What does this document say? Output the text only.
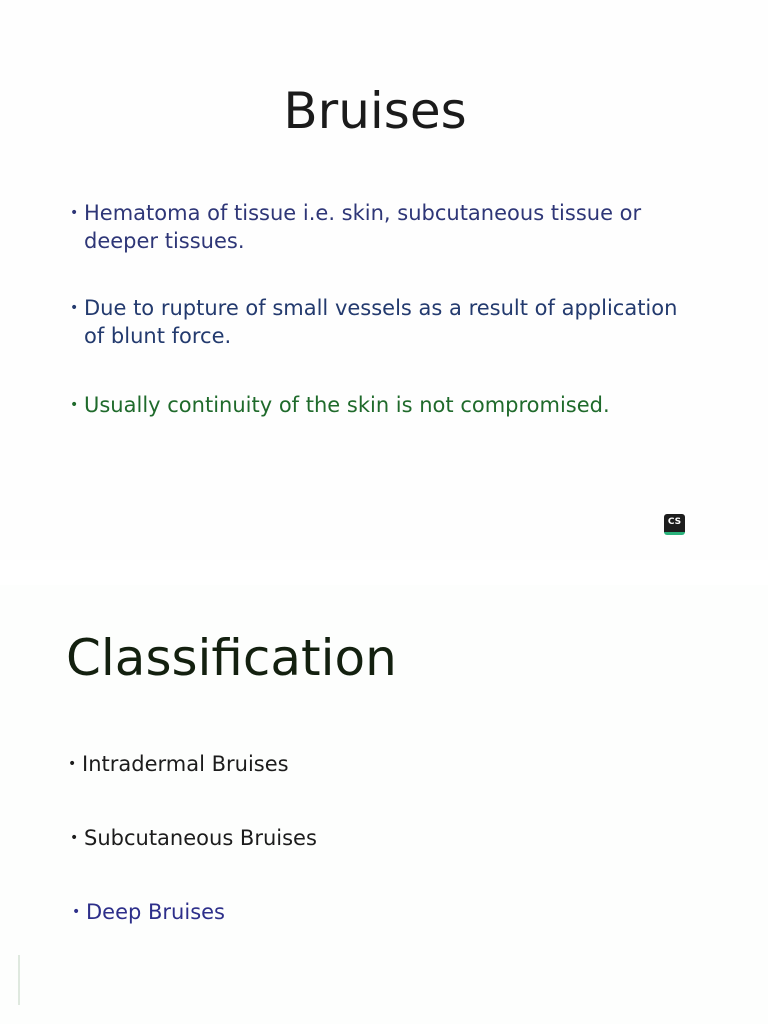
Bruises

• Hematoma of tissue i.e. skin, subcutaneous tissue or deeper tissues.

• Due to rupture of small vessels as a result of application of blunt force.

• Usually continuity of the skin is not compromised.

CS
Classification

• Intradermal Bruises

• Subcutaneous Bruises

• Deep Bruises
